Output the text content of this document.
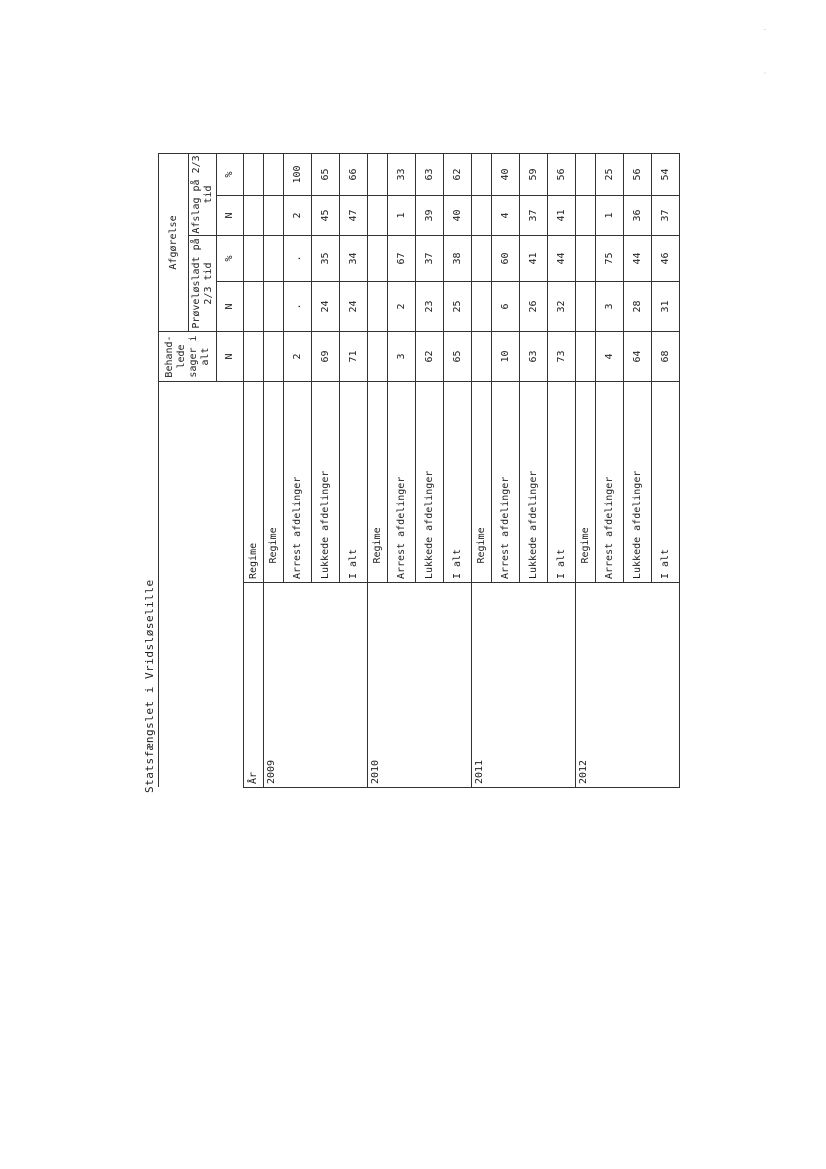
-
·
Statsfængslet i Vridsløselille
			Behand-
lede
sager i
alt	Afgørelse			
				Prøveløsladt på
2/3 tid		Afslag på 2/3
tid	
			N	N	%	N	%
År	Regime						
2009		Regime					
	Arrest afdelinger		2	.	.	2	100
	Lukkede afdelinger		69	24	35	45	65
	I alt		71	24	34	47	66
2010		Regime					
	Arrest afdelinger		3	2	67	1	33
	Lukkede afdelinger		62	23	37	39	63
	I alt		65	25	38	40	62
2011		Regime					
	Arrest afdelinger		10	6	60	4	40
	Lukkede afdelinger		63	26	41	37	59
	I alt		73	32	44	41	56
2012		Regime					
	Arrest afdelinger		4	3	75	1	25
	Lukkede afdelinger		64	28	44	36	56
	I alt		68	31	46	37	54
